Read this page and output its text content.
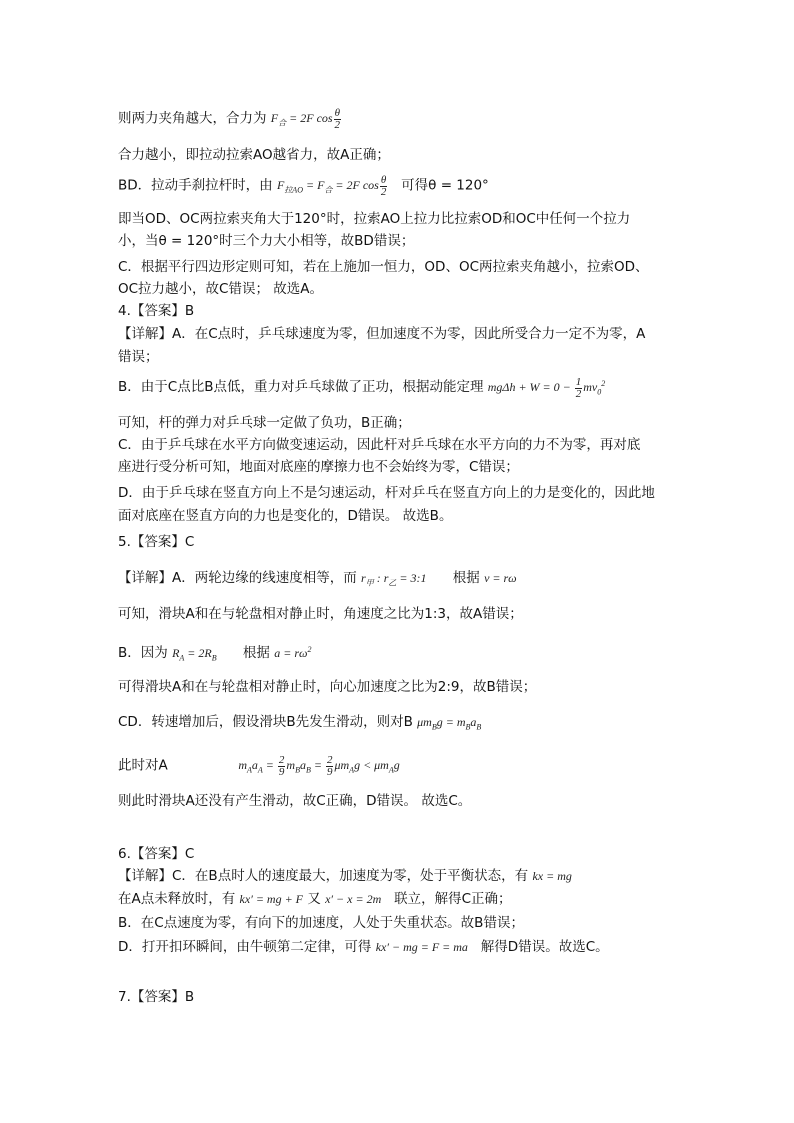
则两力夹角越大，合力为 $F_合 = 2F$ $\cos \frac{\theta}{2}$
合力越小，即拉动拉索AO越省力，故A正确；
BD．拉动手刹拉杆时，由 $F_{拉AO} = F_合 = 2F$ $\cos \frac{\theta}{2}$ 可得θ = 120°
即当OD、OC两拉索夹角大于120°时，拉索AO上拉力比拉索OD和OC中任何一个拉力
小，当θ = 120°时三个力大小相等，故BD错误；
C．根据平行四边形定则可知，若在上施加一恒力，OD、OC两拉索夹角越小，拉索OD、
OC拉力越小，故C错误； 故选A。
4.【答案】B
【详解】A．在C点时，乒乓球速度为零，但加速度不为零，因此所受合力一定不为零，A
错误；
B．由于C点比B点低，重力对乒乓球做了正功，根据动能定理 $mg\Delta h + W = 0 - \frac{1}{2} mv_0^2$
可知，杆的弹力对乒乓球一定做了负功，B正确；
C．由于乒乓球在水平方向做变速运动，因此杆对乒乓球在水平方向的力不为零，再对底
座进行受分析可知，地面对底座的摩擦力也不会始终为零，C错误；
D．由于乒乓球在竖直方向上不是匀速运动，杆对乒乓在竖直方向上的力是变化的，因此地
面对底座在竖直方向的力也是变化的，D错误。 故选B。
5.【答案】C
【详解】A．两轮边缘的线速度相等，而 $r_甲$ : $r_乙$ = 3:1 根据 v = rω
可知，滑块A和在与轮盘相对静止时，角速度之比为1:3，故A错误；
B．因为 $R_A = 2R_B$ 根据 $a = r\omega^2$
可得滑块A和在与轮盘相对静止时，向心加速度之比为2:9，故B错误；
CD．转速增加后，假设滑块B先发生滑动，则对B $\mu m_Bg = m_Ba_B$
此时对A	$m_Aa_A = \frac{2}{9} m_Ba_B = \frac{2}{9} \mu m_Ag < \mu m_Ag$
则此时滑块A还没有产生滑动，故C正确，D错误。 故选C。
6.【答案】C
【详解】C．在B点时人的速度最大，加速度为零，处于平衡状态，有 kx = mg
在A点未释放时，有 kx′ = mg + F 又 x′ − x = 2m 联立，解得C正确；
B．在C点速度为零，有向下的加速度，人处于失重状态。故B错误；
D．打开扣环瞬间，由牛顿第二定律，可得 kx′ − mg = F = ma 解得D错误。故选C。
7.【答案】B
